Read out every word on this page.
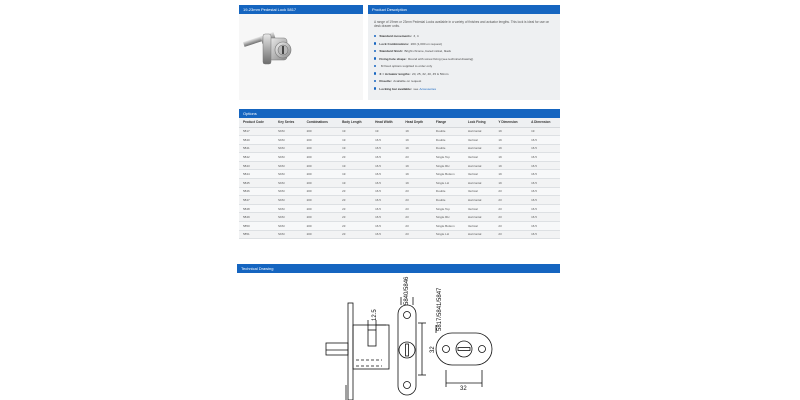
19-23mm Pedestal Lock 5817	Product Description

A range of 19mm or 23mm Pedestal Locks available in a variety of finishes and actuator lengths. This lock is ideal for use on desk drawer units.

Standard movements: 3, 4
Lock Combinations: 200 (1,000 on request)
Standard finish: Bright chrome, bared nickel, black
Fixing hole shape: Round with screw fixing (see technical drawing)
M fixed options supplied to order only
X = Actuator lengths: 20, 25, 32, 40, 45 & 50mm
Rosette: Available on request
Locking bar available: see Accessories
Options
Product Code	Key Series	Combinations	Body Length	Head Width	Head Depth	Flange	Lock Fixing	Y Dimension	A Dimension
5817	SKM	200	19	19	19	Double	Horizontal	19	19
5840	SKM	200	19	16.5	19	Double	Vertical	19	16.5
5841	SKM	200	19	16.5	19	Double	Horizontal	19	16.5
5842	SKM	200	23	16.5	23	Single Top	Vertical	19	16.5
5843	SKM	200	19	16.5	19	Single RH	Horizontal	19	16.5
5844	SKM	200	19	16.5	19	Single Bottom	Vertical	19	16.5
5845	SKM	200	19	16.5	19	Single LH	Horizontal	19	16.5
5846	SKM	200	23	16.5	23	Double	Vertical	23	16.5
5847	SKM	200	23	16.5	23	Double	Horizontal	23	16.5
5848	SKM	200	23	16.5	23	Single Top	Vertical	23	16.5
5849	SKM	200	23	16.5	23	Single RH	Horizontal	23	16.5
5850	SKM	200	23	16.5	23	Single Bottom	Vertical	23	16.5
5851	SKM	200	23	16.5	23	Single LH	Horizontal	23	16.5
Technical Drawing
12.5
5840/5846	5817/5841/5847
32
32
